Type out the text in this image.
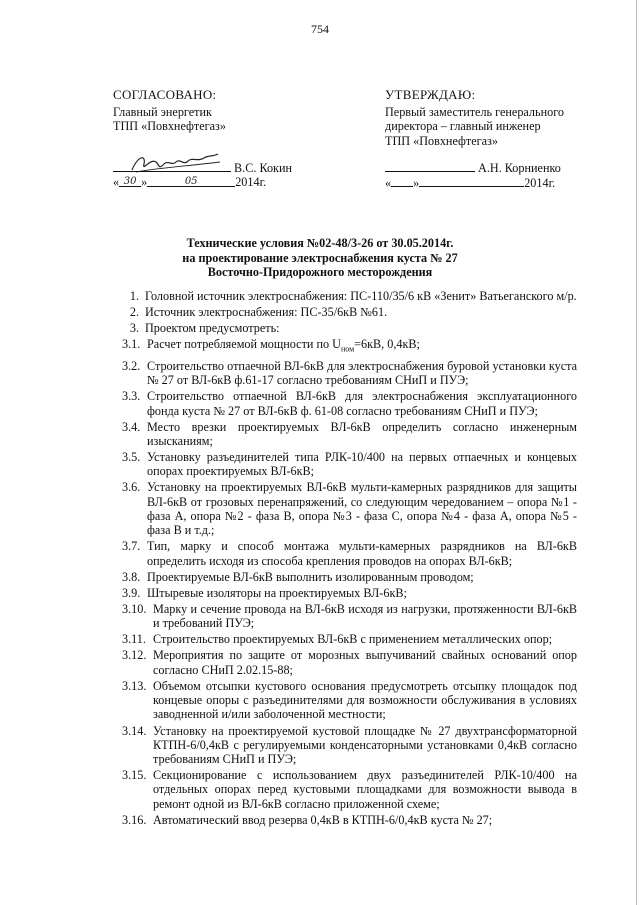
754
СОГЛАСОВАНО:
Главный энергетик
ТПП «Повхнефтегаз»
В.С. Кокин
« 30 »	05	2014г.
УТВЕРЖДАЮ:
Первый заместитель генерального
директора – главный инженер
ТПП «Повхнефтегаз»
А.Н. Корниенко
« »	2014г.
Технические условия №02-48/3-26 от 30.05.2014г.
на проектирование электроснабжения куста № 27
Восточно-Придорожного месторождения
1. Головной источник электроснабжения: ПС-110/35/6 кВ «Зенит» Ватьеганского м/р.
2. Источник электроснабжения: ПС-35/6кВ №61.
3. Проектом предусмотреть:
3.1. Расчет потребляемой мощности по $U_{ном}=6кВ$, 0,4кВ;
3.2. Строительство отпаечной ВЛ-6кВ для электроснабжения буровой установки куста № 27 от ВЛ-6кВ ф.61-17 согласно требованиям СНиП и ПУЭ;
3.3. Строительство отпаечной ВЛ-6кВ для электроснабжения эксплуатационного фонда куста № 27 от ВЛ-6кВ ф. 61-08 согласно требованиям СНиП и ПУЭ;
3.4. Место врезки проектируемых ВЛ-6кВ определить согласно инженерным изысканиям;
3.5. Установку разъединителей типа РЛК-10/400 на первых отпаечных и концевых опорах проектируемых ВЛ-6кВ;
3.6. Установку на проектируемых ВЛ-6кВ мульти-камерных разрядников для защиты ВЛ-6кВ от грозовых перенапряжений, со следующим чередованием – опора №1 - фаза А, опора №2 - фаза В, опора №3 - фаза С, опора №4 - фаза А, опора №5 - фаза В и т.д.;
3.7. Тип, марку и способ монтажа мульти-камерных разрядников на ВЛ-6кВ определить исходя из способа крепления проводов на опорах ВЛ-6кВ;
3.8. Проектируемые ВЛ-6кВ выполнить изолированным проводом;
3.9. Штыревые изоляторы на проектируемых ВЛ-6кВ;
3.10. Марку и сечение провода на ВЛ-6кВ исходя из нагрузки, протяженности ВЛ-6кВ и требований ПУЭ;
3.11. Строительство проектируемых ВЛ-6кВ с применением металлических опор;
3.12. Мероприятия по защите от морозных выпучиваний свайных оснований опор согласно СНиП 2.02.15-88;
3.13. Объемом отсыпки кустового основания предусмотреть отсыпку площадок под концевые опоры с разъединителями для возможности обслуживания в условиях заводненной и/или заболоченной местности;
3.14. Установку на проектируемой кустовой площадке № 27 двухтрансформаторной КТПН-6/0,4кВ с регулируемыми конденсаторными установками 0,4кВ согласно требованиям СНиП и ПУЭ;
3.15. Секционирование с использованием двух разъединителей РЛК-10/400 на отдельных опорах перед кустовыми площадками для возможности вывода в ремонт одной из ВЛ-6кВ согласно приложенной схеме;
3.16. Автоматический ввод резерва 0,4кВ в КТПН-6/0,4кВ куста № 27;
